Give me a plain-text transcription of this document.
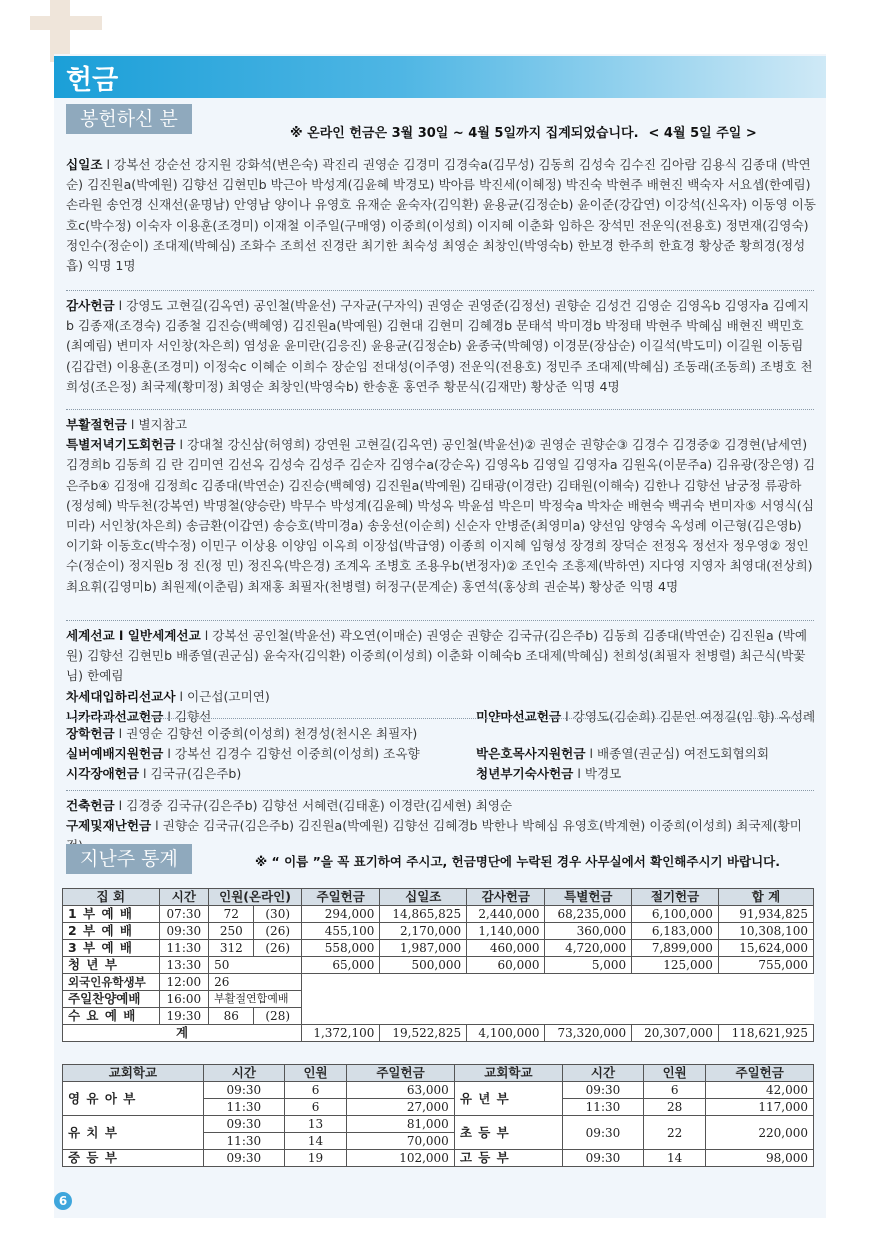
헌금
봉헌하신 분
※ 온라인 헌금은 3월 30일 ~ 4월 5일까지 집계되었습니다. < 4월 5일 주일 >

십일조 l 강복선 강순선 강지원 강화석(변은숙) 곽진리 권영순 김경미 김경숙a(김무성) 김동희 김성숙 김수진 김아람 김용식 김종대 (박연순) 김진원a(박예원) 김향선 김현민b 박근아 박성계(김윤혜 박경모) 박아름 박진세(이혜정) 박진숙 박현주 배현진 백숙자 서요셉(한예림) 손라원 송언경 신재선(윤명남) 안영남 양이나 유영호 유재순 윤숙자(김익환) 윤용균(김정순b) 윤이준(강갑연) 이강석(신옥자) 이동영 이동호c(박수정) 이숙자 이용훈(조경미) 이재철 이주일(구매영) 이중희(이성희) 이지혜 이춘화 임하은 장석민 전운익(전용호) 정면재(김영숙) 정인수(정순이) 조대제(박혜심) 조화수 조희선 진경란 최기한 최숙성 최영순 최창인(박영숙b) 한보경 한주희 한효경 황상준 황희경(정성흡) 익명 1명

감사헌금 l 강영도 고현길(김옥연) 공인철(박윤선) 구자균(구자익) 권영순 권영준(김정선) 권향순 김성건 김영순 김영옥b 김영자a 김예지b 김종재(조경숙) 김종철 김진승(백혜영) 김진원a(박예원) 김현대 김현미 김혜경b 문태석 박미경b 박정태 박현주 박혜심 배현진 백민호(최예림) 변미자 서인창(차은희) 염성윤 윤미란(김응진) 윤용균(김정순b) 윤종국(박혜영) 이경문(장삼순) 이길석(박도미) 이길원 이동림(김갑련) 이용훈(조경미) 이정숙c 이혜순 이희수 장순임 전대성(이주영) 전운익(전용호) 정민주 조대제(박혜심) 조동래(조동희) 조병호 천희성(조은정) 최국제(황미정) 최영순 최창인(박영숙b) 한송훈 홍연주 황문식(김재만) 황상준 익명 4명

부활절헌금 l 별지참고

특별저녁기도회헌금 l 강대철 강신삼(허영희) 강연원 고현길(김옥연) 공인철(박윤선)② 권영순 권향순③ 김경수 김경중② 김경현(남세연) 김경희b 김동희 김 란 김미연 김선옥 김성숙 김성주 김순자 김영수a(강순옥) 김영옥b 김영일 김영자a 김원옥(이문주a) 김유광(장은영) 김은주b④ 김정애 김정희c 김종대(박연순) 김진승(백혜영) 김진원a(박예원) 김태광(이경란) 김태원(이해숙) 김한나 김향선 남궁정 류광하(정성혜) 박두천(강복연) 박명철(양승란) 박무수 박성계(김윤혜) 박성옥 박윤섬 박은미 박정숙a 박차순 배현숙 백귀숙 변미자⑤ 서영식(심미라) 서인창(차은희) 송금환(이갑연) 송승호(박미경a) 송웅선(이순희) 신순자 안병준(최영미a) 양선임 양영숙 옥성례 이근형(김은영b) 이기화 이동호c(박수정) 이민구 이상용 이양임 이옥희 이장섭(박급영) 이종희 이지혜 임형성 장경희 장덕순 전정옥 정선자 정우영② 정인수(정순이) 정지원b 정 진(정 민) 정진옥(박은경) 조계옥 조병호 조용우b(변정자)② 조인숙 조흥제(박하연) 지다영 지영자 최영대(전상희) 최요휘(김영미b) 최원제(이춘림) 최재홍 최필자(천병렬) 허정구(문계순) 홍연석(홍상희 권순복) 황상준 익명 4명

세계선교 l 일반세계선교 l 강복선 공인철(박윤선) 곽오연(이매순) 권영순 권향순 김국규(김은주b) 김동희 김종대(박연순) 김진원a (박예원) 김향선 김현민b 배종열(권군심) 윤숙자(김익환) 이중희(이성희) 이춘화 이혜숙b 조대제(박혜심) 천희성(최필자 천병렬) 최근식(박꽃님) 한예림

차세대입하리선교사 l 이근섭(고미연)

니카라과선교헌금 l 김향선	미얀마선교헌금 l 강영도(김순희) 김문언 여정길(임 향) 옥성례

장학헌금 l 권영순 김향선 이중희(이성희) 천경성(천시온 최필자)

실버예배지원헌금 l 강복선 김경수 김향선 이중희(이성희) 조옥향	박은호목사지원헌금 l 배종열(권군심) 여전도회협의회
시각장애헌금 l 김국규(김은주b)	청년부기숙사헌금 l 박경모

건축헌금 l 김경중 김국규(김은주b) 김향선 서혜련(김태훈) 이경란(김세현) 최영순

구제및재난헌금 l 권향순 김국규(김은주b) 김진원a(박예원) 김향선 김혜경b 박한나 박혜심 유영호(박계현) 이중희(이성희) 최국제(황미

지난주 통계	※ “ 이름 ”을 꼭 표기하여 주시고, 헌금명단에 누락된 경우 사무실에서 확인해주시기 바랍니다.
집 회	시간	인원(온라인)		주일헌금	십일조	감사헌금	특별헌금	절기헌금	합 계
1 부 예 배	07:30	72	(30)	294,000	14,865,825	2,440,000	68,235,000	6,100,000	91,934,825
2 부 예 배	09:30	250	(26)	455,100	2,170,000	1,140,000	360,000	6,183,000	10,308,100
3 부 예 배	11:30	312	(26)	558,000	1,987,000	460,000	4,720,000	7,899,000	15,624,000
청 년 부	13:30	50		65,000	500,000	60,000	5,000	125,000	755,000
외국인유학생부	12:00	26							
주일찬양예배	16:00	부활절연합예배							
수 요 예 배	19:30	86	(28)						
계				1,372,100	19,522,825	4,100,000	73,320,000	20,307,000	118,621,925
교회학교	시간	인원	주일헌금	교회학교	시간	인원	주일헌금
영 유 아 부	09:30	6	63,000	유 년 부	09:30	6	42,000
	11:30	6	27,000		11:30	28	117,000
유 치 부	09:30	13	81,000	초 등 부	09:30	22	220,000
	11:30	14	70,000				
중 등 부	09:30	19	102,000	고 등 부	09:30	14	98,000
6
